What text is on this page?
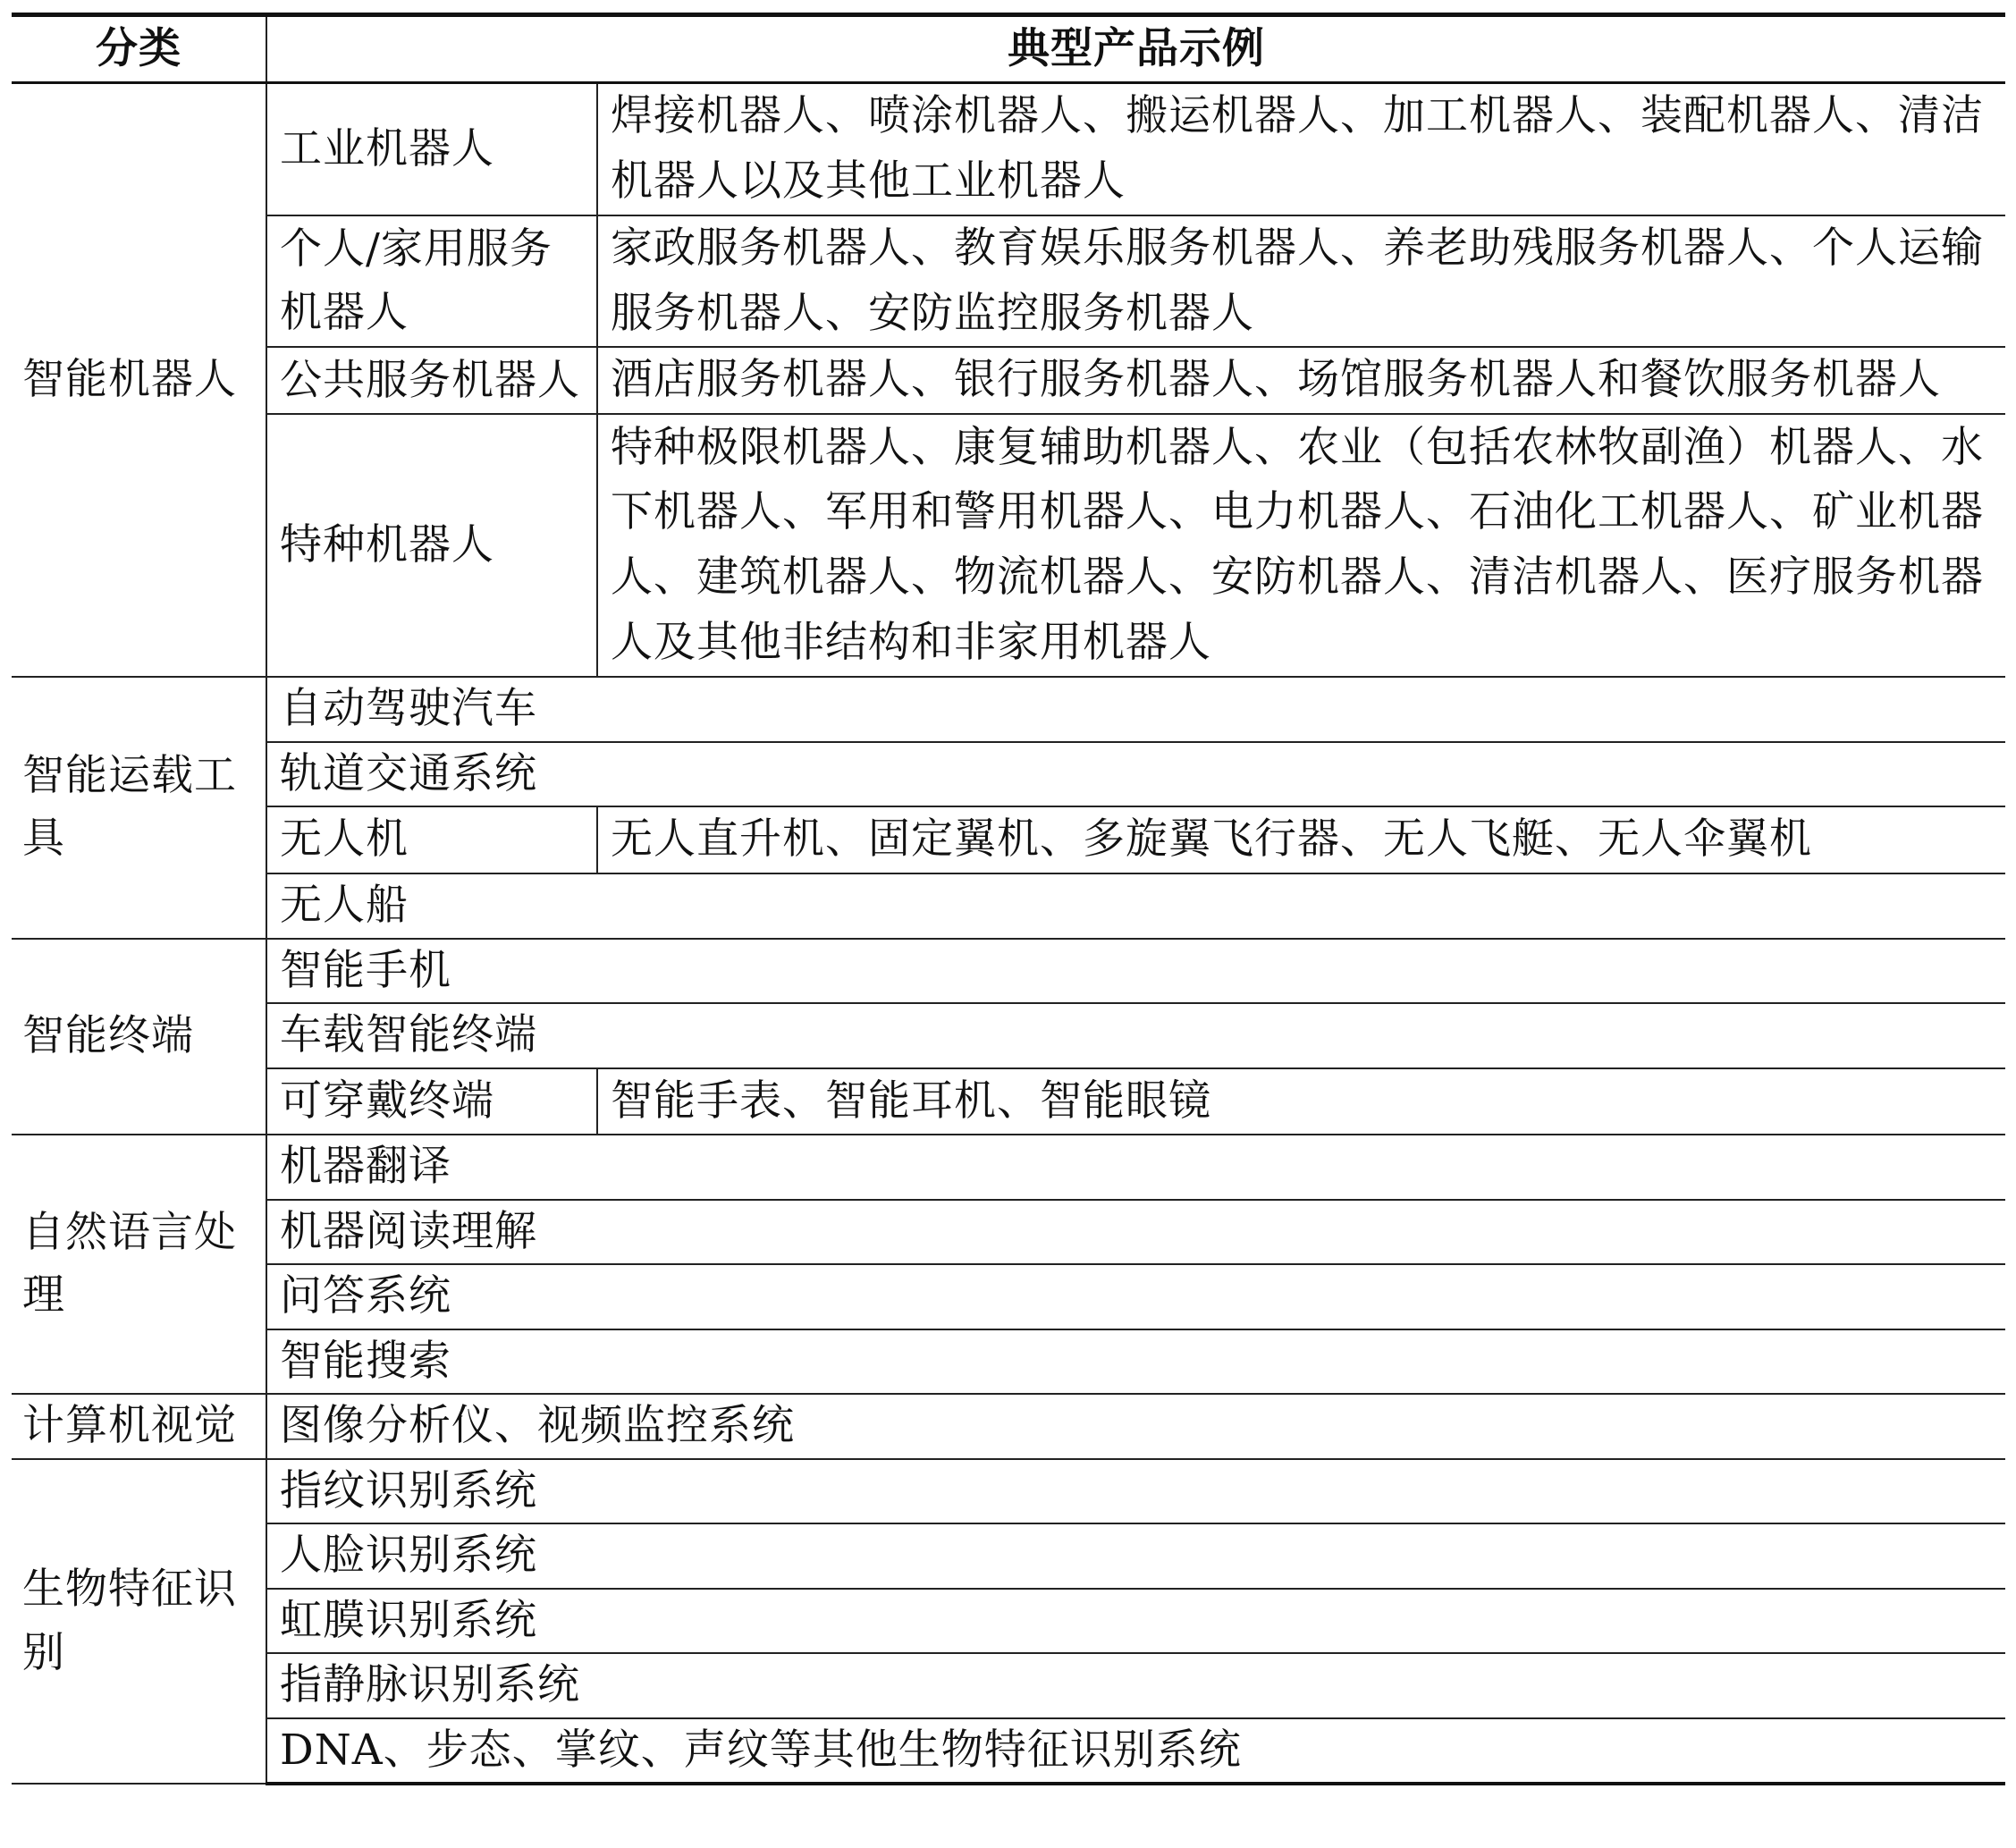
分类	典型产品示例	
智能机器人	工业机器人	焊接机器人、喷涂机器人、搬运机器人、加工机器人、装配机器人、清洁机器人以及其他工业机器人
	个人/家用服务机器人	家政服务机器人、教育娱乐服务机器人、养老助残服务机器人、个人运输服务机器人、安防监控服务机器人
	公共服务机器人	酒店服务机器人、银行服务机器人、场馆服务机器人和餐饮服务机器人
	特种机器人	特种极限机器人、康复辅助机器人、农业（包括农林牧副渔）机器人、水下机器人、军用和警用机器人、电力机器人、石油化工机器人、矿业机器人、建筑机器人、物流机器人、安防机器人、清洁机器人、医疗服务机器人及其他非结构和非家用机器人
智能运载工具	自动驾驶汽车	
	轨道交通系统	
	无人机	无人直升机、固定翼机、多旋翼飞行器、无人飞艇、无人伞翼机
	无人船	
智能终端	智能手机	
	车载智能终端	
	可穿戴终端	智能手表、智能耳机、智能眼镜
自然语言处理	机器翻译	
	机器阅读理解	
	问答系统	
	智能搜索	
计算机视觉	图像分析仪、视频监控系统	
生物特征识别	指纹识别系统	
	人脸识别系统	
	虹膜识别系统	
	指静脉识别系统	
	DNA、步态、掌纹、声纹等其他生物特征识别系统	
